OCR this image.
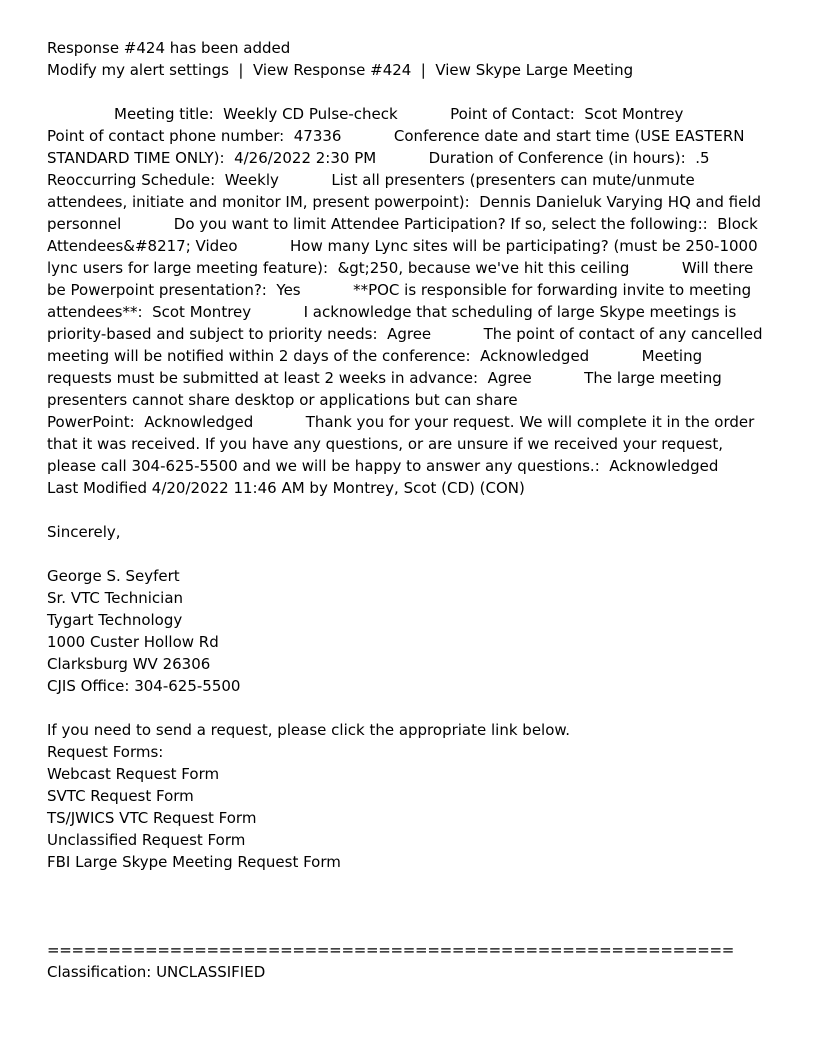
Response #424 has been added
Modify my alert settings | View Response #424 | View Skype Large Meeting
Meeting title: Weekly CD Pulse-check	Point of Contact: Scot Montrey           Point of contact phone number: 47336	Conference date and start time (USE EASTERN STANDARD TIME ONLY): 4/26/2022 2:30 PM	Duration of Conference (in hours): .5           Reoccurring Schedule: Weekly	List all presenters (presenters can mute/unmute attendees, initiate and monitor IM, present powerpoint): Dennis Danieluk Varying HQ and field personnel	Do you want to limit Attendee Participation? If so, select the following:: Block Attendees&#8217; Video	How many Lync sites will be participating? (must be 250-1000 lync users for large meeting feature): &gt;250, because we've hit this ceiling	Will there be Powerpoint presentation?: Yes	**POC is responsible for forwarding invite to meeting attendees**: Scot Montrey	I acknowledge that scheduling of large Skype meetings is priority-based and subject to priority needs: Agree	The point of contact of any cancelled meeting will be notified within 2 days of the conference: Acknowledged	Meeting requests must be submitted at least 2 weeks in advance: Agree	The large meeting presenters cannot share desktop or applications but can share PowerPoint: Acknowledged	Thank you for your request. We will complete it in the order that it was received. If you have any questions, or are unsure if we received your request, please call 304-625-5500 and we will be happy to answer any questions.: Acknowledged           Last Modified 4/20/2022 11:46 AM by Montrey, Scot (CD) (CON)
Sincerely,
George S. Seyfert
Sr. VTC Technician
Tygart Technology
1000 Custer Hollow Rd
Clarksburg WV 26306
CJIS Office: 304-625-5500
If you need to send a request, please click the appropriate link below.
Request Forms:
Webcast Request Form
SVTC Request Form
TS/JWICS VTC Request Form
Unclassified Request Form
FBI Large Skype Meeting Request Form
========================================================
Classification: UNCLASSIFIED
